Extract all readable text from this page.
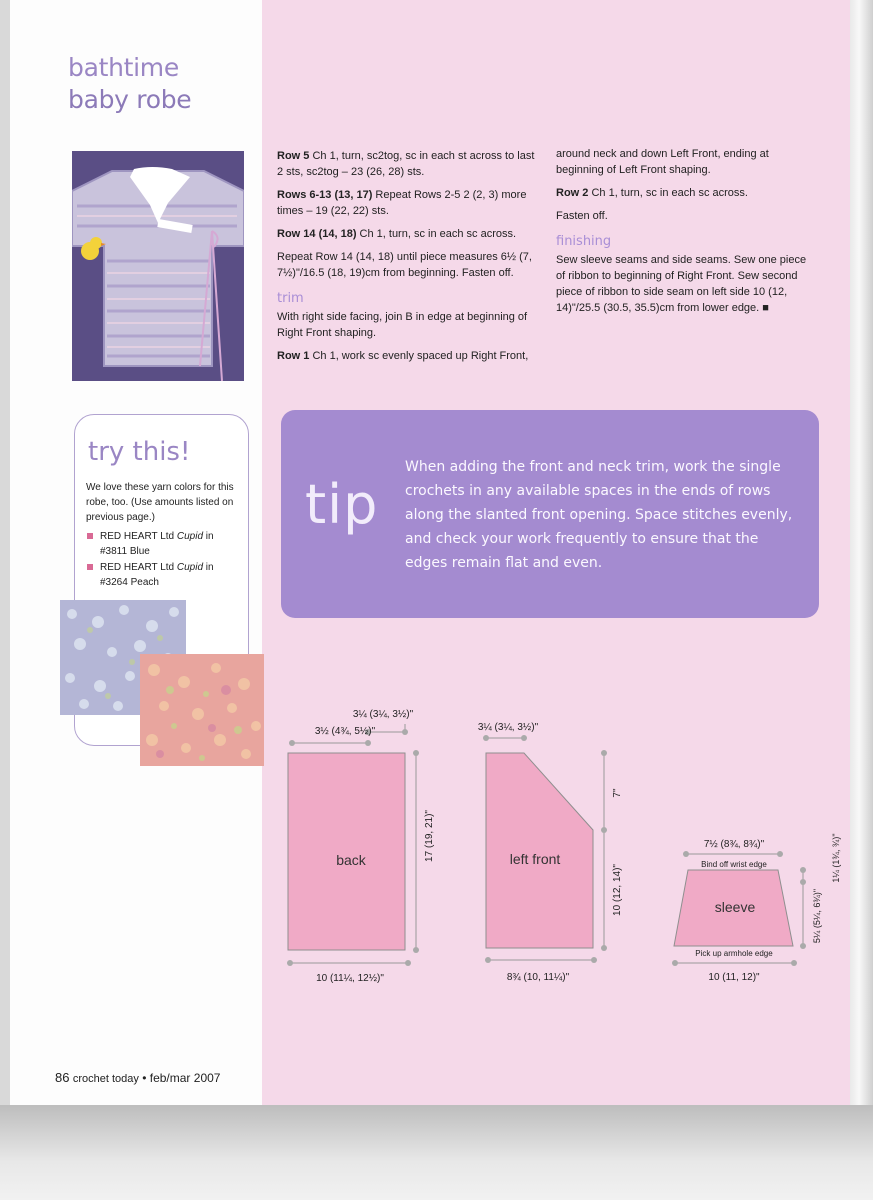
bathtime
baby robe
try this!
We love these yarn colors for this robe, too. (Use amounts listed on previous page.)
RED HEART Ltd Cupid in #3811 Blue
RED HEART Ltd Cupid in #3264 Peach

Row 5 Ch 1, turn, sc2tog, sc in each st across to last 2 sts, sc2tog – 23 (26, 28) sts.

Rows 6-13 (13, 17) Repeat Rows 2-5 2 (2, 3) more times – 19 (22, 22) sts.

Row 14 (14, 18) Ch 1, turn, sc in each sc across.

Repeat Row 14 (14, 18) until piece measures 6½ (7, 7½)"/16.5 (18, 19)cm from beginning. Fasten off.

trim

With right side facing, join B in edge at beginning of Right Front shaping.

Row 1 Ch 1, work sc evenly spaced up Right Front,

around neck and down Left Front, ending at beginning of Left Front shaping.

Row 2 Ch 1, turn, sc in each sc across.

Fasten off.

finishing

Sew sleeve seams and side seams. Sew one piece of ribbon to beginning of Right Front. Sew second piece of ribbon to side seam on left side 10 (12, 14)"/25.5 (30.5, 35.5)cm from lower edge. ■

tip
When adding the front and neck trim, work the single crochets in any available spaces in the ends of rows along the slanted front opening. Space stitches evenly, and check your work frequently to ensure that the edges remain flat and even.
back
3¼ (3¼, 3½)"
3½ (4¾, 5½)"
17 (19, 21)"
10 (11¼, 12½)"
left front
3¼ (3¼, 3½)"
7"
10 (12, 14)"
8¾ (10, 11¼)"
sleeve
7½ (8¾, 8¾)"
Bind off wrist edge
Pick up armhole edge
10 (11, 12)"
5¼ (5¼, 6¾)"
1¼ (1¾, ¾)"
86 crochet today • feb/mar 2007
